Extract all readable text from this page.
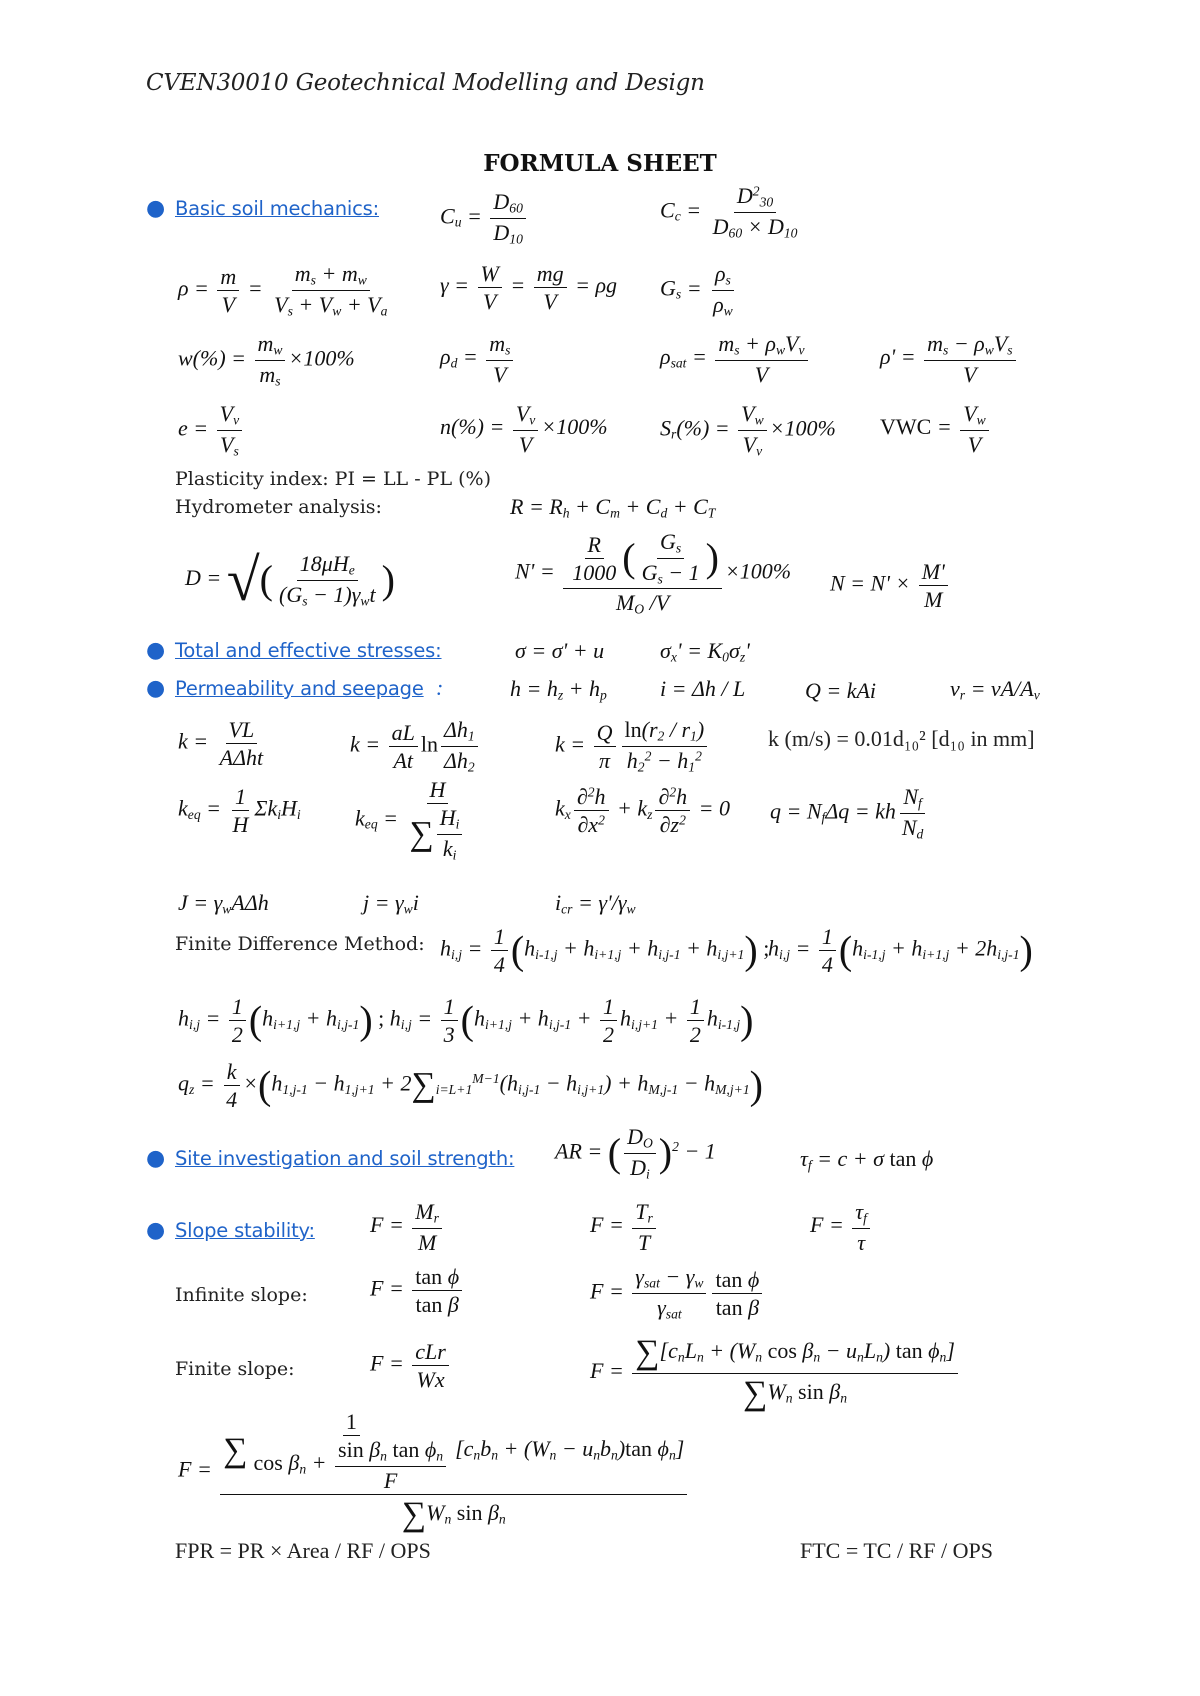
CVEN30010 Geotechnical Modelling and Design
FORMULA SHEET
● Basic soil mechanics:	$C_u = \frac{D_{60}}{D_{10}}$	$C_c = \frac{D^2_{30}}{D_{60} \times D_{10}}$
$\rho = \frac{m}{V} = \frac{m_s + m_w}{V_s + V_w + V_a}$ $\gamma = \frac{W}{V} = \frac{mg}{V} = \rho g$ $G_s = \frac{\rho_s}{\rho_w}$
$w(\%) = \frac{m_w}{m_s} \times 100\%$	$\rho_d = \frac{m_s}{V}$	$\rho_{sat} = \frac{m_s + \rho_wV_v}{V}$	$\rho' = \frac{m_s - \rho_wV_s}{V}$
$e = \frac{V_v}{V_s}$	$n(\%) = \frac{V_v}{V} \times 100\%$ $S_r(\%) = \frac{V_w}{V_v} \times 100\%$ VWC = $\frac{V_w}{V}$
Plasticity index: PI = LL - PL (%)
Hydrometer analysis:	$R = R_h + C_m + C_d + C_T$
D = √( $\frac{18\mu H_e}{(G_s - 1)\gamma_wt}$ )	$N' = \frac{\frac{R}{1000} ( \frac{G_s}{G_s - 1} )}{M_O /V} \times 100\%$ $N = N' \times \frac{M'}{M}$
● Total and effective stresses:	σ = σ' + u	$\sigma_x' = K_0\sigma_z'$
● Permeability and seepage :	$h = h_z + h_p$ i = Δh / L	Q = kAi	$v_r = vA/A_v$
$k = \frac{VL}{\text{AΔht}}$	$k = \frac{aL}{At}$ $\ln \frac{\Delta h_1}{\Delta h_2}$	$k = \frac{Q}{\pi} \frac{\ln(r_2 / r_1)}{h_2^2 - h_1^2}$	k (m/s) = 0.01d₁₀² [d₁₀ in mm]
$k_{eq} = \frac{1}{H} \Sigma k_iH_i$ $k_{eq} = \frac{H}{\sum \frac{H_i}{k_i}}$	$k_x \frac{\partial^2h}{\partial x^2} + k_z \frac{\partial^2h}{\partial z^2} = 0$ $q = N_f\Delta q$ = kh $\frac{N_f}{N_d}$
$J = \gamma_wA\Delta h$	$j = \gamma_wi$	$i_{cr} = \gamma'/\gamma_w$
Finite Difference Method: $h_{i,j} = \frac{1}{4} (h_{i-1,j} + h_{i+1,j} + h_{i,j-1} + h_{i,j+1})$ ;
$h_{i,j} = \frac{1}{4} (h_{i-1,j} + h_{i+1,j} + 2h_{i,j-1})$
$h_{i,j} = \frac{1}{2} (h_{i+1,j} + h_{i,j-1})$ ; $h_{i,j} = \frac{1}{3} (h_{i+1,j} + h_{i,j-1} + \frac{1}{2} h_{i,j+1} + \frac{1}{2} h_{i-1,j})$
$q_z = \frac{k}{4} \times(h_{1,j-1} - h_{1,j+1} + 2\sum_{i=L+1}^{M-1}(h_{i,j-1} - h_{i,j+1}) + h_{M,j-1} - h_{M,j+1})$
● Site investigation and soil strength: AR = ( $\frac{D_O}{D_i} )^2 - 1$	$\tau_f = c + \sigma$ tan ϕ
● Slope stability:	$F = \frac{M_r}{M}$	$F = \frac{T_r}{T}$	$F = \frac{\tau_f}{\tau}$
Infinite slope:	$F = \frac{\text{tan ϕ}}{\text{tan β}}$	$F = \frac{\gamma_{sat} - \gamma_w}{\gamma_{sat}} \frac{\text{tan ϕ}}{\text{tan β}}$
Finite slope:	$F = \frac{\text{cLr}}{Wx}$	$F = \frac{\sum[c_nL_n + (W_n \cos \beta_n - u_nL_n) \tan \phi_n]}{\sum W_n \sin \beta_n}$
$F = \frac{\sum \frac{1}{\cos \beta_n + \frac{\sin \beta_n \tan \phi_n}{F}} [c_nb_n + (W_n - u_nb_n)\tan \phi_n]}{\sum W_n \sin \beta_n}$
FPR = PR × Area / RF / OPS	FTC = TC / RF / OPS
